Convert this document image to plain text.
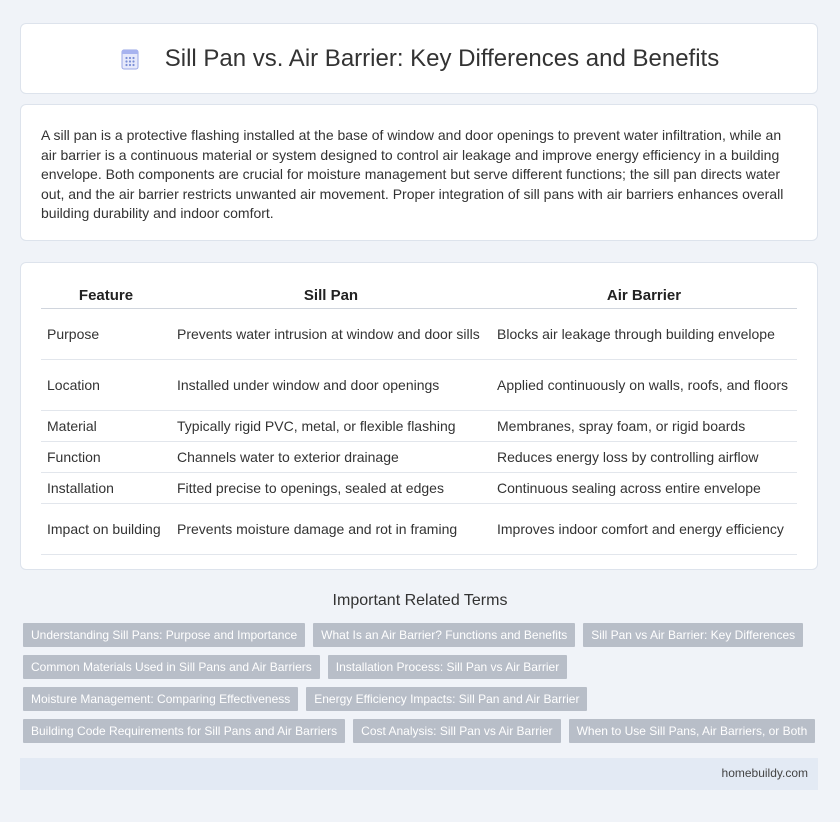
Sill Pan vs. Air Barrier: Key Differences and Benefits

A sill pan is a protective flashing installed at the base of window and door openings to prevent water infiltration, while an air barrier is a continuous material or system designed to control air leakage and improve energy efficiency in a building envelope. Both components are crucial for moisture management but serve different functions; the sill pan directs water out, and the air barrier restricts unwanted air movement. Proper integration of sill pans with air barriers enhances overall building durability and indoor comfort.

Feature	Sill Pan	Air Barrier
Purpose	Prevents water intrusion at window and door sills	Blocks air leakage through building envelope
Location	Installed under window and door openings	Applied continuously on walls, roofs, and floors
Material	Typically rigid PVC, metal, or flexible flashing	Membranes, spray foam, or rigid boards
Function	Channels water to exterior drainage	Reduces energy loss by controlling airflow
Installation	Fitted precise to openings, sealed at edges	Continuous sealing across entire envelope
Impact on building	Prevents moisture damage and rot in framing	Improves indoor comfort and energy efficiency
Important Related Terms
Understanding Sill Pans: Purpose and Importance	What Is an Air Barrier? Functions and Benefits	Sill Pan vs Air Barrier: Key Differences
Common Materials Used in Sill Pans and Air Barriers	Installation Process: Sill Pan vs Air Barrier
Moisture Management: Comparing Effectiveness	Energy Efficiency Impacts: Sill Pan and Air Barrier
Building Code Requirements for Sill Pans and Air Barriers	Cost Analysis: Sill Pan vs Air Barrier	When to Use Sill Pans, Air Barriers, or Both
homebuildy.com
